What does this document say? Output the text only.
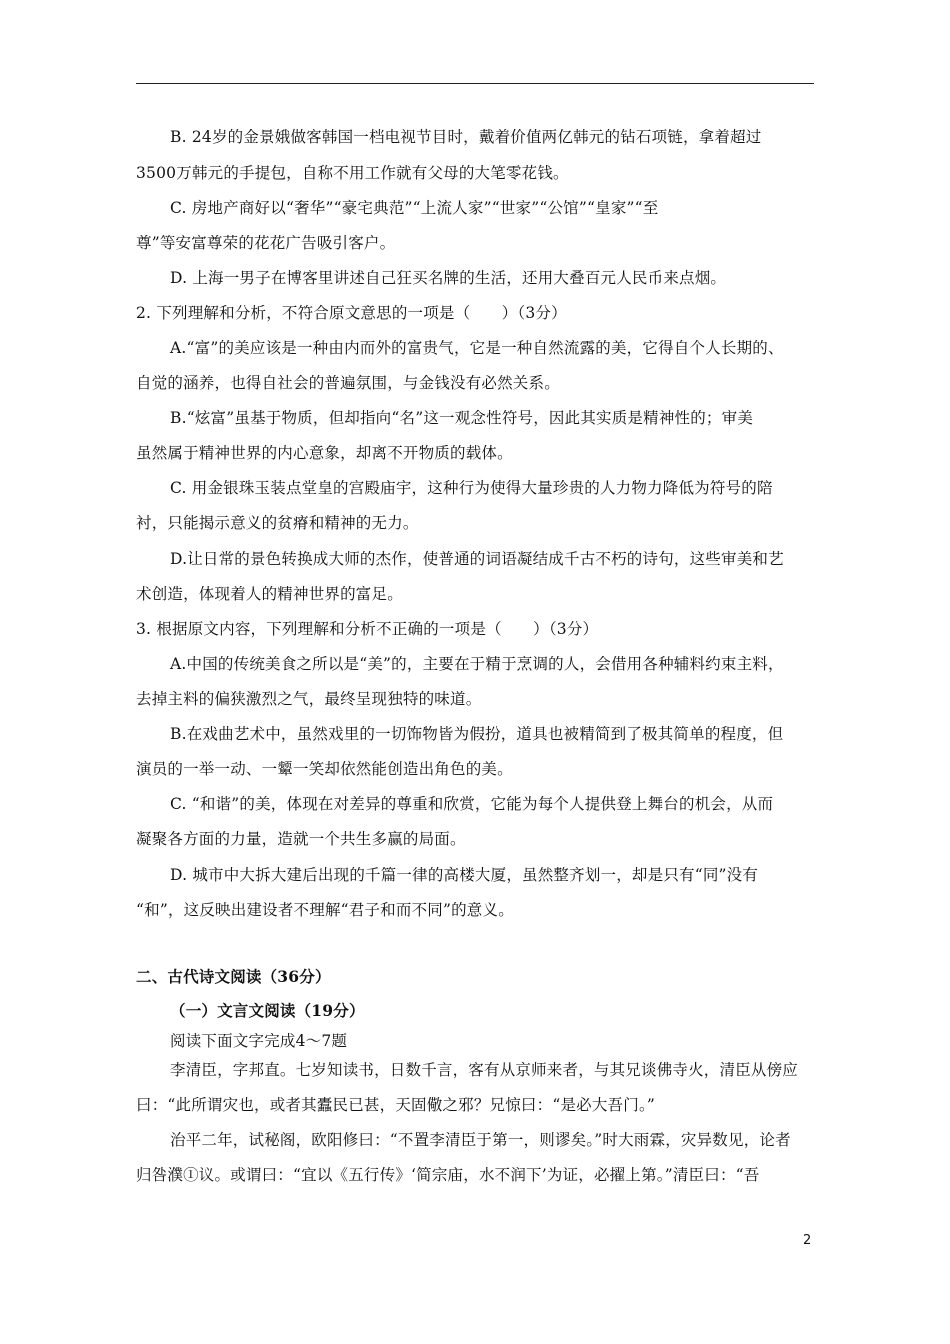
B. 24岁的金景娥做客韩国一档电视节目时，戴着价值两亿韩元的钻石项链，拿着超过
3500万韩元的手提包，自称不用工作就有父母的大笔零花钱。
C. 房地产商好以“奢华”“豪宅典范”“上流人家”“世家”“公馆”“皇家”“至
尊”等安富尊荣的花花广告吸引客户。
D. 上海一男子在博客里讲述自己狂买名牌的生活，还用大叠百元人民币来点烟。
2. 下列理解和分析，不符合原文意思的一项是（　　）（3分）
A.“富”的美应该是一种由内而外的富贵气，它是一种自然流露的美，它得自个人长期的、
自觉的涵养，也得自社会的普遍氛围，与金钱没有必然关系。
B.“炫富”虽基于物质，但却指向“名”这一观念性符号，因此其实质是精神性的；审美
虽然属于精神世界的内心意象，却离不开物质的载体。
C. 用金银珠玉装点堂皇的宫殿庙宇，这种行为使得大量珍贵的人力物力降低为符号的陪
衬，只能揭示意义的贫瘠和精神的无力。
D.让日常的景色转换成大师的杰作，使普通的词语凝结成千古不朽的诗句，这些审美和艺
术创造，体现着人的精神世界的富足。
3. 根据原文内容，下列理解和分析不正确的一项是（　　）（3分）
A.中国的传统美食之所以是“美”的，主要在于精于烹调的人，会借用各种辅料约束主料，
去掉主料的偏狭激烈之气，最终呈现独特的味道。
B.在戏曲艺术中，虽然戏里的一切饰物皆为假扮，道具也被精简到了极其简单的程度，但
演员的一举一动、一颦一笑却依然能创造出角色的美。
C. “和谐”的美，体现在对差异的尊重和欣赏，它能为每个人提供登上舞台的机会，从而
凝聚各方面的力量，造就一个共生多赢的局面。
D. 城市中大拆大建后出现的千篇一律的高楼大厦，虽然整齐划一，却是只有“同”没有
“和”，这反映出建设者不理解“君子和而不同”的意义。
二、古代诗文阅读（36分）
（一）文言文阅读（19分）
阅读下面文字完成4～7题
李清臣，字邦直。七岁知读书，日数千言，客有从京师来者，与其兄谈佛寺火，清臣从傍应
曰：“此所谓灾也，或者其蠹民已甚，天固儆之邪？兄惊曰：“是必大吾门。”
治平二年，试秘阁，欧阳修曰：“不置李清臣于第一，则谬矣。”时大雨霖，灾异数见，论者
归咎濮①议。或谓曰：“宜以《五行传》‘简宗庙，水不润下’为证，必擢上第。”清臣曰：“吾
2
